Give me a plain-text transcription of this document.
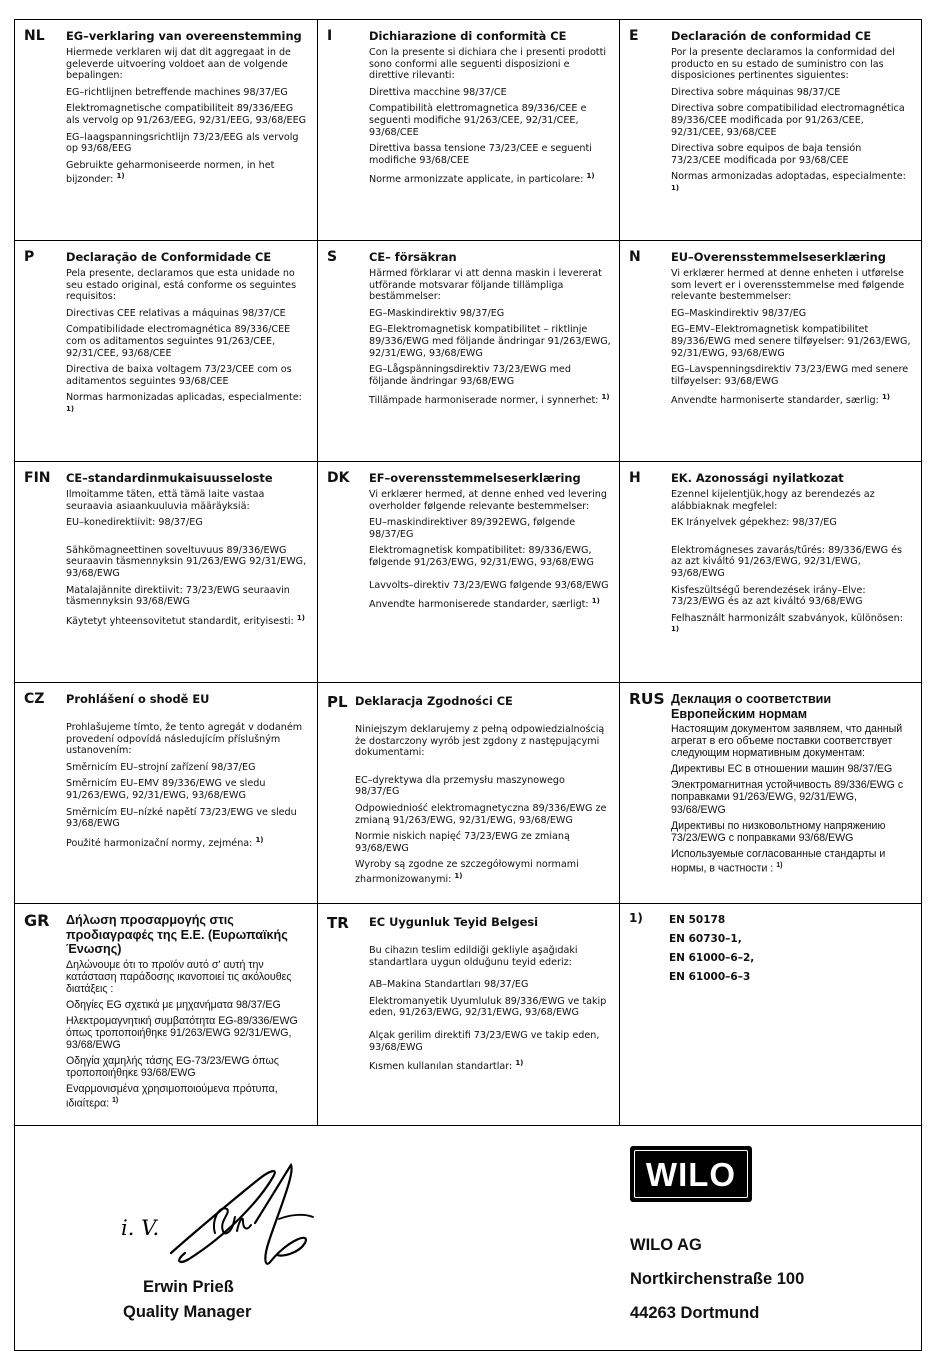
NL EG–verklaring van overeenstemming

Hiermede verklaren wij dat dit aggregaat in de geleverde uitvoering voldoet aan de volgende bepalingen:

EG–richtlijnen betreffende machines 98/37/EG

Elektromagnetische compatibiliteit 89/336/EEG als vervolg op 91/263/EEG, 92/31/EEG, 93/68/EEG

EG–laagspanningsrichtlijn 73/23/EEG als vervolg op 93/68/EEG

Gebruikte geharmoniseerde normen, in het bijzonder: $^{1)}$

I	Dichiarazione di conformità CE

Con la presente si dichiara che i presenti prodotti sono conformi alle seguenti disposizioni e direttive rilevanti:

Direttiva macchine 98/37/CE

Compatibilità elettromagnetica 89/336/CEE e seguenti modifiche 91/263/CEE, 92/31/CEE, 93/68/CEE

Direttiva bassa tensione 73/23/CEE e seguenti modifiche 93/68/CEE

Norme armonizzate applicate, in particolare: $^{1)}$

E	Declaración de conformidad CE

Por la presente declaramos la conformidad del producto en su estado de suministro con las disposiciones pertinentes siguientes:

Directiva sobre máquinas 98/37/CE

Directiva sobre compatibilidad electromagnética 89/336/CEE modificada por 91/263/CEE, 92/31/CEE, 93/68/CEE

Directiva sobre equipos de baja tensión 73/23/CEE modificada por 93/68/CEE

Normas armonizadas adoptadas, especialmente: $^{1)}$

P	Declaração de Conformidade CE

Pela presente, declaramos que esta unidade no seu estado original, está conforme os seguintes requisitos:

Directivas CEE relativas a máquinas 98/37/CE

Compatibilidade electromagnética 89/336/CEE com os aditamentos seguintes 91/263/CEE, 92/31/CEE, 93/68/CEE

Directiva de baixa voltagem 73/23/CEE com os aditamentos seguintes 93/68/CEE

Normas harmonizadas aplicadas, especialmente: $^{1)}$

S	CE– försäkran

Härmed förklarar vi att denna maskin i levererat utförande motsvarar följande tillämpliga bestämmelser:

EG–Maskindirektiv 98/37/EG

EG–Elektromagnetisk kompatibilitet – riktlinje 89/336/EWG med följande ändringar 91/263/EWG, 92/31/EWG, 93/68/EWG

EG–Lågspänningsdirektiv 73/23/EWG med följande ändringar 93/68/EWG

Tillämpade harmoniserade normer, i synnerhet: $^{1)}$

N	EU–Overensstemmelseserklæring

Vi erklærer hermed at denne enheten i utførelse som levert er i overensstemmelse med følgende relevante bestemmelser:

EG–Maskindirektiv 98/37/EG

EG–EMV–Elektromagnetisk kompatibilitet 89/336/EWG med senere tilføyelser: 91/263/EWG, 92/31/EWG, 93/68/EWG

EG–Lavspenningsdirektiv 73/23/EWG med senere tilføyelser: 93/68/EWG

Anvendte harmoniserte standarder, særlig: $^{1)}$

FIN CE–standardinmukaisuusseloste

Ilmoitamme täten, että tämä laite vastaa seuraavia asiaankuuluvia määräyksiä:

EU–konedirektiivit: 98/37/EG

Sähkömagneettinen soveltuvuus 89/336/EWG seuraavin täsmennyksin 91/263/EWG 92/31/EWG, 93/68/EWG

Matalajännite direktiivit: 73/23/EWG seuraavin täsmennyksin 93/68/EWG

Käytetyt yhteensovitetut standardit, erityisesti: $^{1)}$

DK EF–overensstemmelseserklæring

Vi erklærer hermed, at denne enhed ved levering overholder følgende relevante bestemmelser:

EU–maskindirektiver 89/392EWG, følgende 98/37/EG

Elektromagnetisk kompatibilitet: 89/336/EWG, følgende 91/263/EWG, 92/31/EWG, 93/68/EWG

Lavvolts–direktiv 73/23/EWG følgende 93/68/EWG

Anvendte harmoniserede standarder, særligt: $^{1)}$

H	EK. Azonossági nyilatkozat

Ezennel kijelentjük,hogy az berendezés az alábbiaknak megfelel:

EK Irányelvek gépekhez: 98/37/EG

Elektromágneses zavarás/tűrés: 89/336/EWG és az azt kiváltó 91/263/EWG, 92/31/EWG, 93/68/EWG

Kisfeszültségű berendezések irány–Elve: 73/23/EWG és az azt kiváltó 93/68/EWG

Felhasznált harmonizált szabványok, különösen: $^{1)}$

CZ Prohlášení o shodě EU

Prohlašujeme tímto, že tento agregát v dodaném provedení odpovídá následujícím příslušným ustanovením:

Směrnicím EU–strojní zařízení 98/37/EG

Směrnicím EU–EMV 89/336/EWG ve sledu 91/263/EWG, 92/31/EWG, 93/68/EWG

Směrnicím EU–nízké napětí 73/23/EWG ve sledu 93/68/EWG

Použité harmonizační normy, zejména: $^{1)}$

PL Deklaracja Zgodności CE

Niniejszym deklarujemy z pełną odpowiedzialnością że dostarczony wyrób jest zgdony z następującymi dokumentami:

EC–dyrektywa dla przemysłu maszynowego 98/37/EG

Odpowiedniość elektromagnetyczna 89/336/EWG ze zmianą 91/263/EWG, 92/31/EWG, 93/68/EWG

Normie niskich napięć 73/23/EWG ze zmianą 93/68/EWG

Wyroby są zgodne ze szczegółowymi normami zharmonizowanymi: $^{1)}$

RUS Деклация о соответствии Европейским нормам

Настоящим документом заявляем, что данный агрегат в его объеме поставки соответствует следующим нормативным документам:

Директивы EC в отношении машин 98/37/EG

Электромагнитная устойчивость 89/336/EWG с поправками 91/263/EWG, 92/31/EWG, 93/68/EWG

Директивы по низковольтному напряжению 73/23/EWG с поправками 93/68/EWG

Используемые согласованные стандарты и нормы, в частности : $^{1)}$

GR Δήλωση προσαρμογής στις προδιαγραφές της Ε.Ε. (Ευρωπαϊκής Ένωσης)

Δηλώνουμε ότι το προϊόν αυτό σ' αυτή την κατάσταση παράδοσης ικανοποιεί τις ακόλουθες διατάξεις :

Οδηγίες EG σχετικά με μηχανήματα 98/37/EG

Ηλεκτρομαγνητική συμβατότητα EG-89/336/EWG όπως τροποποιήθηκε 91/263/EWG 92/31/EWG, 93/68/EWG

Οδηγία χαμηλής τάσης EG-73/23/EWG όπως τροποποιήθηκε 93/68/EWG

Εναρμονισμένα χρησιμοποιούμενα πρότυπα, ιδιαίτερα: $^{1)}$

TR EC Uygunluk Teyid Belgesi

Bu cihazın teslim edildiği gekliyle aşağıdaki standartlara uygun olduğunu teyid ederiz:

AB–Makina Standartları 98/37/EG

Elektromanyetik Uyumluluk 89/336/EWG ve takip eden, 91/263/EWG, 92/31/EWG, 93/68/EWG

Alçak gerilim direktifi 73/23/EWG ve takip eden, 93/68/EWG

Kısmen kullanılan standartlar: $^{1)}$

1) EN 50178

EN 60730–1,

EN 61000–6–2,

EN 61000–6–3

i. V.
Erwin Prieß
Quality Manager
WILO
WILO AG
Nortkirchenstraße 100
44263 Dortmund
